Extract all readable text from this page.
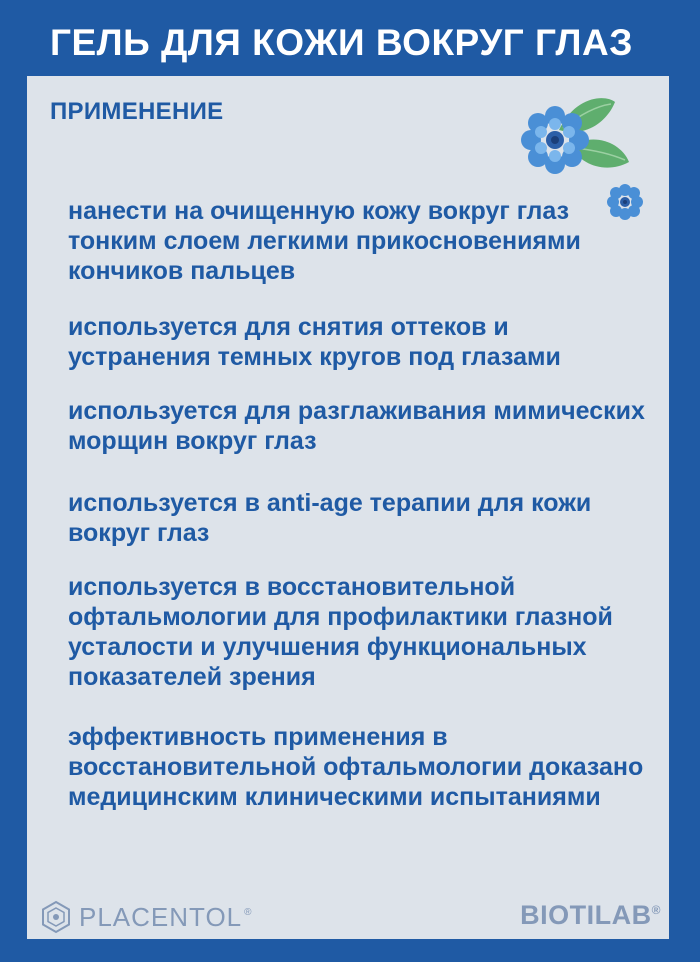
ГЕЛЬ ДЛЯ КОЖИ ВОКРУГ ГЛАЗ
ПРИМЕНЕНИЕ
нанести на очищенную кожу вокруг глаз тонким слоем легкими прикосновениями кончиков пальцев
используется для снятия оттеков и устранения темных кругов под глазами
используется для разглаживания мимических морщин вокруг глаз
используется в anti-age терапии для кожи вокруг глаз
используется в восстановительной офтальмологии для профилактики глазной усталости и улучшения функциональных показателей зрения
эффективность применения в восстановительной офтальмологии доказано медицинским клиническими испытаниями
PLACENTOL ®	BIOTILAB®
